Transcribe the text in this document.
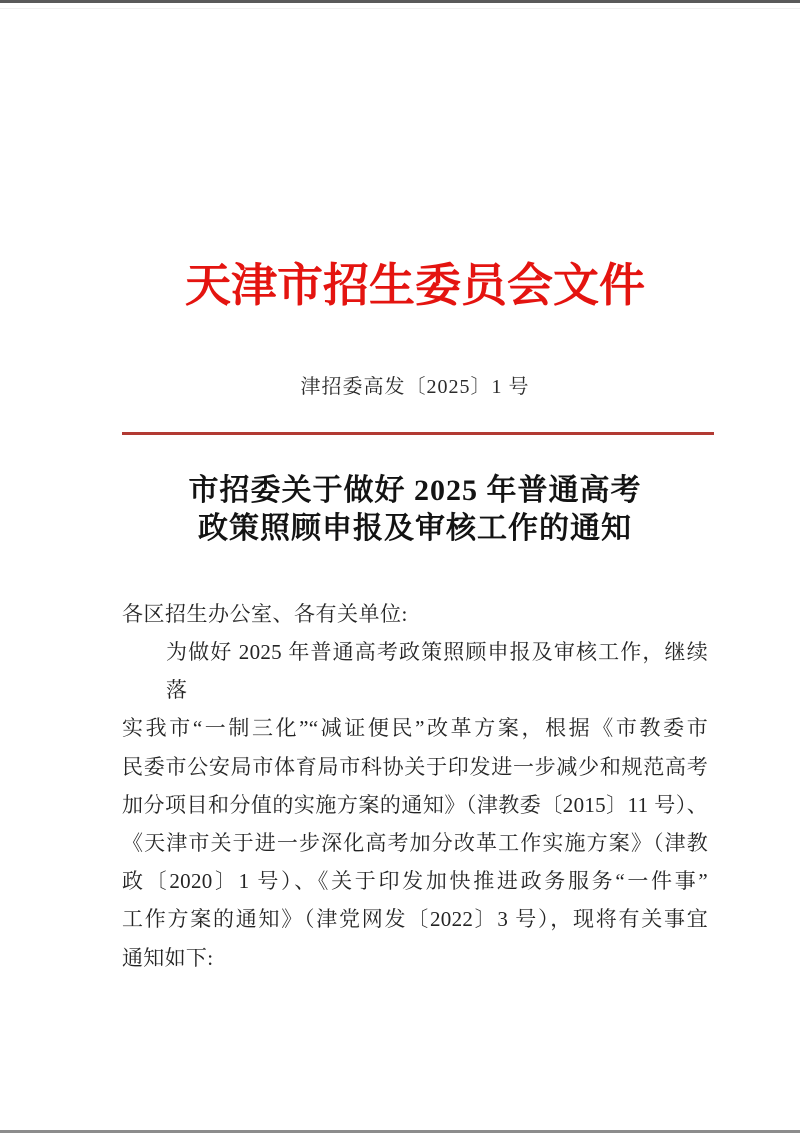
天津市招生委员会文件
津招委高发〔2025〕1 号
市招委关于做好 2025 年普通高考
政策照顾申报及审核工作的通知
各区招生办公室、各有关单位:
为做好 2025 年普通高考政策照顾申报及审核工作，继续落
实我市“一制三化”“减证便民”改革方案，根据《市教委市
民委市公安局市体育局市科协关于印发进一步减少和规范高考
加分项目和分值的实施方案的通知》（津教委〔2015〕11 号）、
《天津市关于进一步深化高考加分改革工作实施方案》（津教
政〔2020〕1 号）、《关于印发加快推进政务服务“一件事”
工作方案的通知》（津党网发〔2022〕3 号），现将有关事宜
通知如下:
